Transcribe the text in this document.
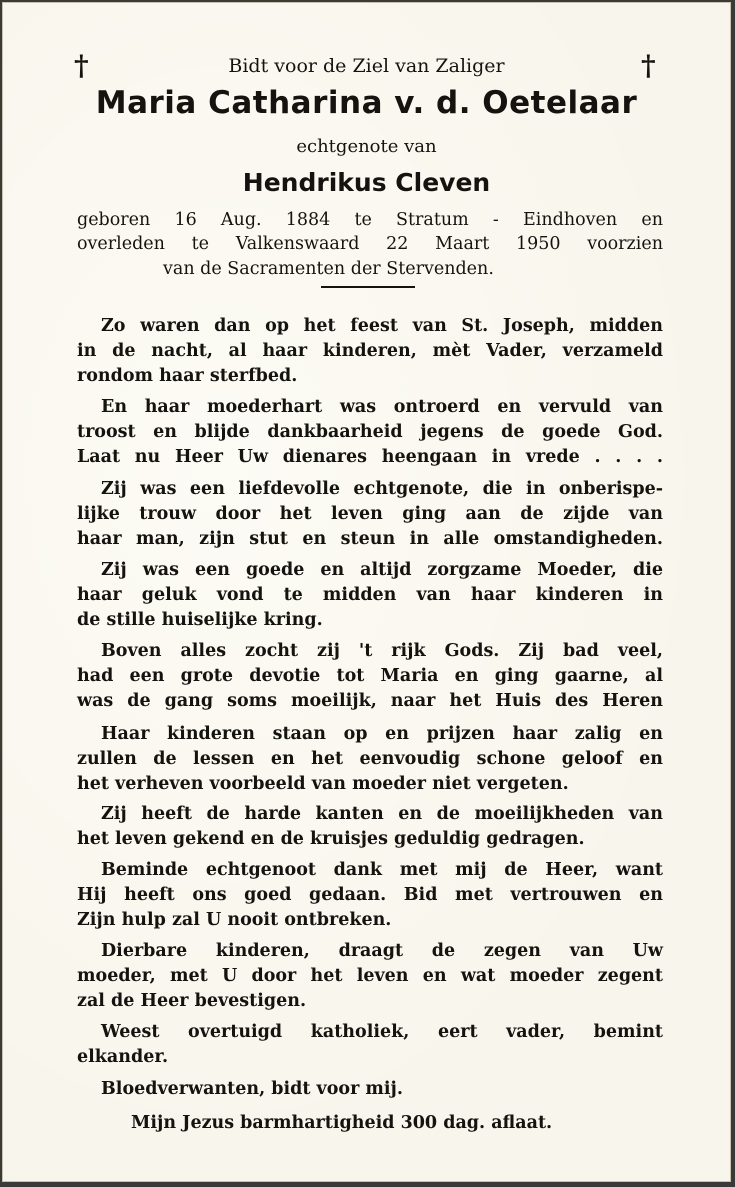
†	†
Bidt voor de Ziel van Zaliger
Maria Catharina v. d. Oetelaar
echtgenote van
Hendrikus Cleven
geboren 16 Aug. 1884 te Stratum - Eindhoven en
overleden te Valkenswaard 22 Maart 1950 voorzien
van de Sacramenten der Stervenden.
Zo waren dan op het feest van St. Joseph, midden
in de nacht, al haar kinderen, mèt Vader, verzameld
rondom haar sterfbed.
En haar moederhart was ontroerd en vervuld van
troost en blijde dankbaarheid jegens de goede God.
Laat nu Heer Uw dienares heengaan in vrede . . . .
Zij was een liefdevolle echtgenote, die in onberispe-
lijke trouw door het leven ging aan de zijde van
haar man, zijn stut en steun in alle omstandigheden.
Zij was een goede en altijd zorgzame Moeder, die
haar geluk vond te midden van haar kinderen in
de stille huiselijke kring.
Boven alles zocht zij 't rijk Gods. Zij bad veel,
had een grote devotie tot Maria en ging gaarne, al
was de gang soms moeilijk, naar het Huis des Heren
Haar kinderen staan op en prijzen haar zalig en
zullen de lessen en het eenvoudig schone geloof en
het verheven voorbeeld van moeder niet vergeten.
Zij heeft de harde kanten en de moeilijkheden van
het leven gekend en de kruisjes geduldig gedragen.
Beminde echtgenoot dank met mij de Heer, want
Hij heeft ons goed gedaan. Bid met vertrouwen en
Zijn hulp zal U nooit ontbreken.
Dierbare kinderen, draagt de zegen van Uw
moeder, met U door het leven en wat moeder zegent
zal de Heer bevestigen.
Weest overtuigd katholiek, eert vader, bemint
elkander.
Bloedverwanten, bidt voor mij.
Mijn Jezus barmhartigheid 300 dag. aflaat.
